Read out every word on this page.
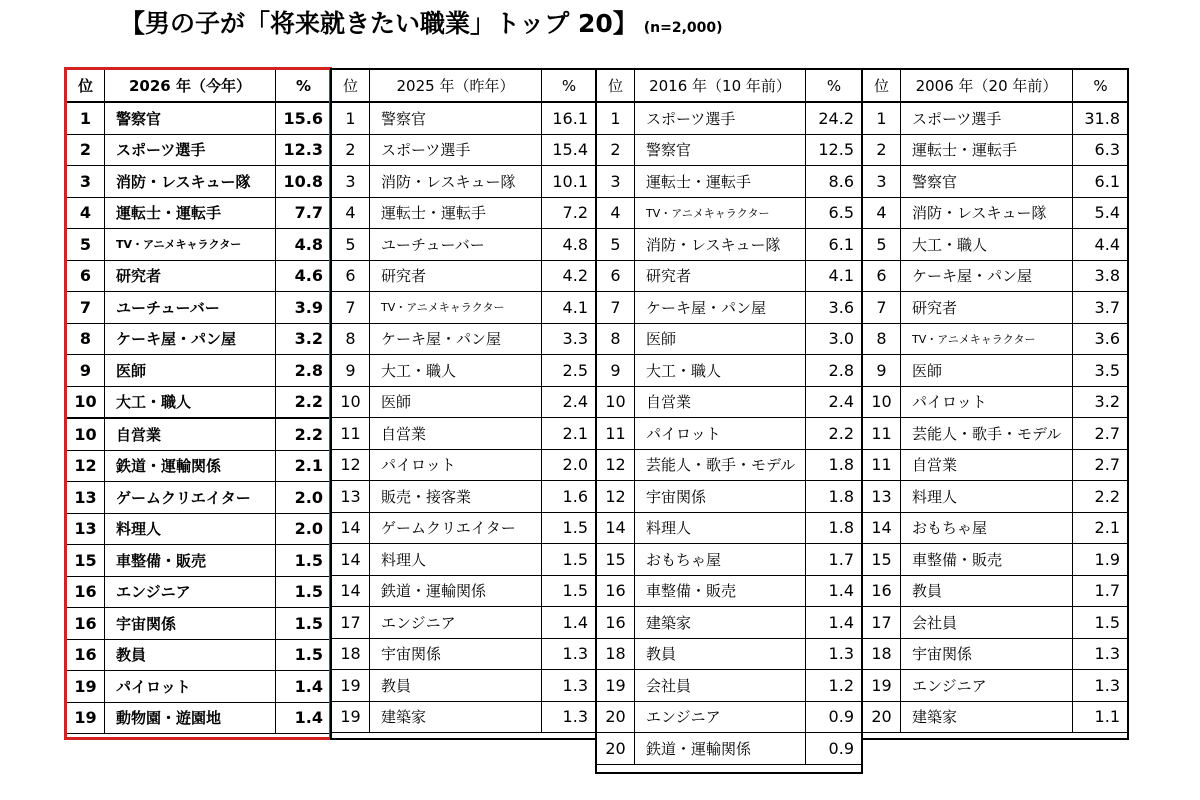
【男の子が「将来就きたい職業」トップ 20】 (n=2,000)
位	2026 年（今年）	%
1	警察官	15.6
2	スポーツ選手	12.3
3	消防・レスキュー隊	10.8
4	運転士・運転手	7.7
5	TV・アニメキャラクター	4.8
6	研究者	4.6
7	ユーチューバー	3.9
8	ケーキ屋・パン屋	3.2
9	医師	2.8
10	大工・職人	2.2
10	自営業	2.2
12	鉄道・運輸関係	2.1
13	ゲームクリエイター	2.0
13	料理人	2.0
15	車整備・販売	1.5
16	エンジニア	1.5
16	宇宙関係	1.5
16	教員	1.5
19	パイロット	1.4
19	動物園・遊園地	1.4
位	2025 年（昨年）	%
1	警察官	16.1
2	スポーツ選手	15.4
3	消防・レスキュー隊	10.1
4	運転士・運転手	7.2
5	ユーチューバー	4.8
6	研究者	4.2
7	TV・アニメキャラクター	4.1
8	ケーキ屋・パン屋	3.3
9	大工・職人	2.5
10	医師	2.4
11	自営業	2.1
12	パイロット	2.0
13	販売・接客業	1.6
14	ゲームクリエイター	1.5
14	料理人	1.5
14	鉄道・運輸関係	1.5
17	エンジニア	1.4
18	宇宙関係	1.3
19	教員	1.3
19	建築家	1.3
位	2016 年（10 年前）	%
1	スポーツ選手	24.2
2	警察官	12.5
3	運転士・運転手	8.6
4	TV・アニメキャラクター	6.5
5	消防・レスキュー隊	6.1
6	研究者	4.1
7	ケーキ屋・パン屋	3.6
8	医師	3.0
9	大工・職人	2.8
10	自営業	2.4
11	パイロット	2.2
12	芸能人・歌手・モデル	1.8
12	宇宙関係	1.8
14	料理人	1.8
15	おもちゃ屋	1.7
16	車整備・販売	1.4
16	建築家	1.4
18	教員	1.3
19	会社員	1.2
20	エンジニア	0.9
20	鉄道・運輸関係	0.9
位	2006 年（20 年前）	%
1	スポーツ選手	31.8
2	運転士・運転手	6.3
3	警察官	6.1
4	消防・レスキュー隊	5.4
5	大工・職人	4.4
6	ケーキ屋・パン屋	3.8
7	研究者	3.7
8	TV・アニメキャラクター	3.6
9	医師	3.5
10	パイロット	3.2
11	芸能人・歌手・モデル	2.7
11	自営業	2.7
13	料理人	2.2
14	おもちゃ屋	2.1
15	車整備・販売	1.9
16	教員	1.7
17	会社員	1.5
18	宇宙関係	1.3
19	エンジニア	1.3
20	建築家	1.1
